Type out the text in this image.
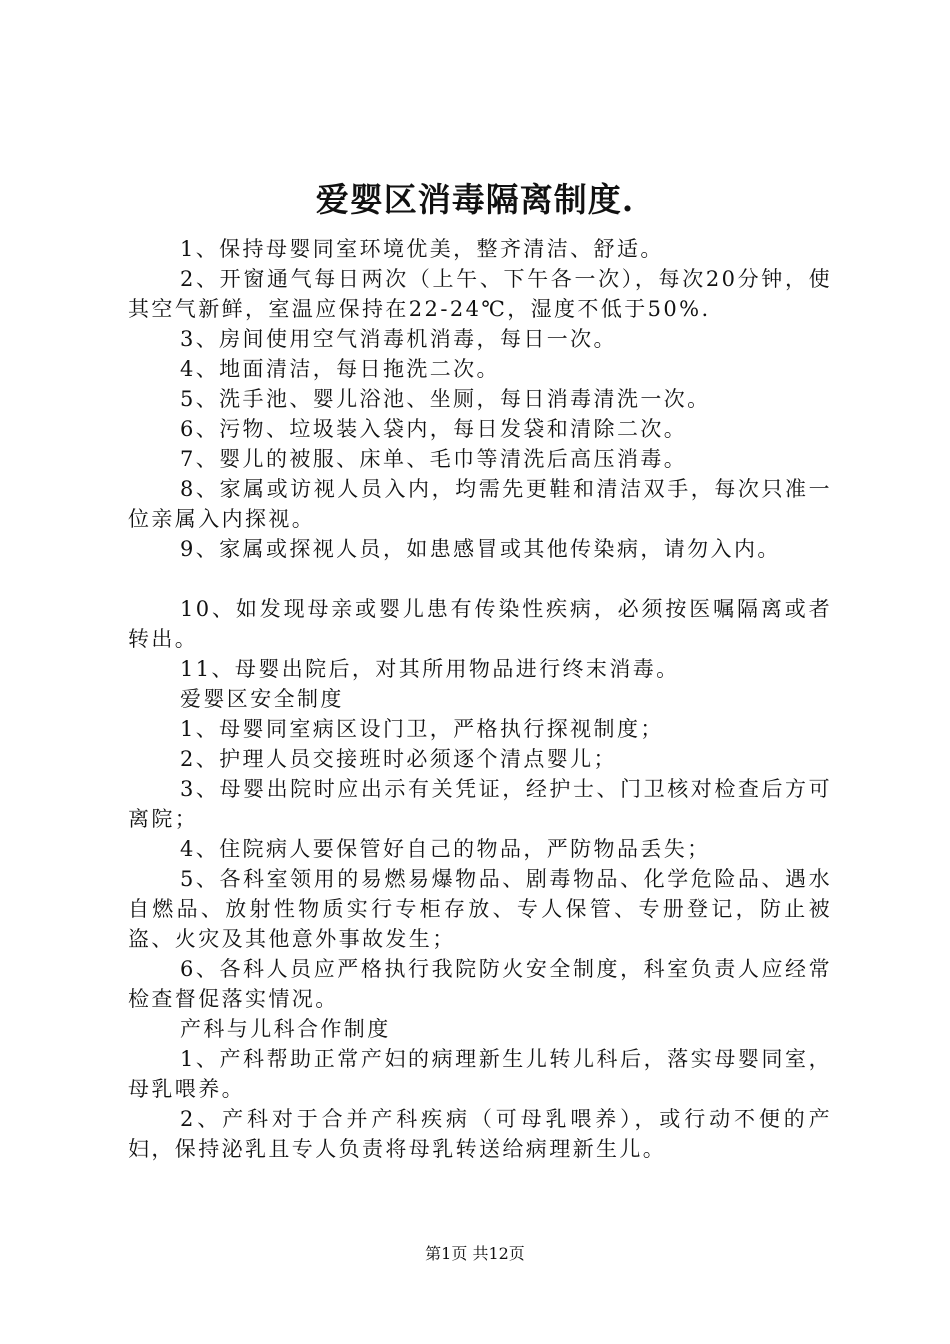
爱婴区消毒隔离制度.

1、保持母婴同室环境优美，整齐清洁、舒适。

2、开窗通气每日两次（上午、下午各一次），每次20分钟，使其空气新鲜，室温应保持在22-24℃，湿度不低于50%.

3、房间使用空气消毒机消毒，每日一次。

4、地面清洁，每日拖洗二次。

5、洗手池、婴儿浴池、坐厕，每日消毒清洗一次。

6、污物、垃圾装入袋内，每日发袋和清除二次。

7、婴儿的被服、床单、毛巾等清洗后高压消毒。

8、家属或访视人员入内，均需先更鞋和清洁双手，每次只准一位亲属入内探视。

9、家属或探视人员，如患感冒或其他传染病，请勿入内。

10、如发现母亲或婴儿患有传染性疾病，必须按医嘱隔离或者转出。

11、母婴出院后，对其所用物品进行终末消毒。

爱婴区安全制度

1、母婴同室病区设门卫，严格执行探视制度；

2、护理人员交接班时必须逐个清点婴儿；

3、母婴出院时应出示有关凭证，经护士、门卫核对检查后方可离院；

4、住院病人要保管好自己的物品，严防物品丢失；

5、各科室领用的易燃易爆物品、剧毒物品、化学危险品、遇水自燃品、放射性物质实行专柜存放、专人保管、专册登记，防止被盗、火灾及其他意外事故发生；

6、各科人员应严格执行我院防火安全制度，科室负责人应经常检查督促落实情况。

产科与儿科合作制度

1、产科帮助正常产妇的病理新生儿转儿科后，落实母婴同室，母乳喂养。

2、产科对于合并产科疾病（可母乳喂养），或行动不便的产妇，保持泌乳且专人负责将母乳转送给病理新生儿。

第1页 共12页
